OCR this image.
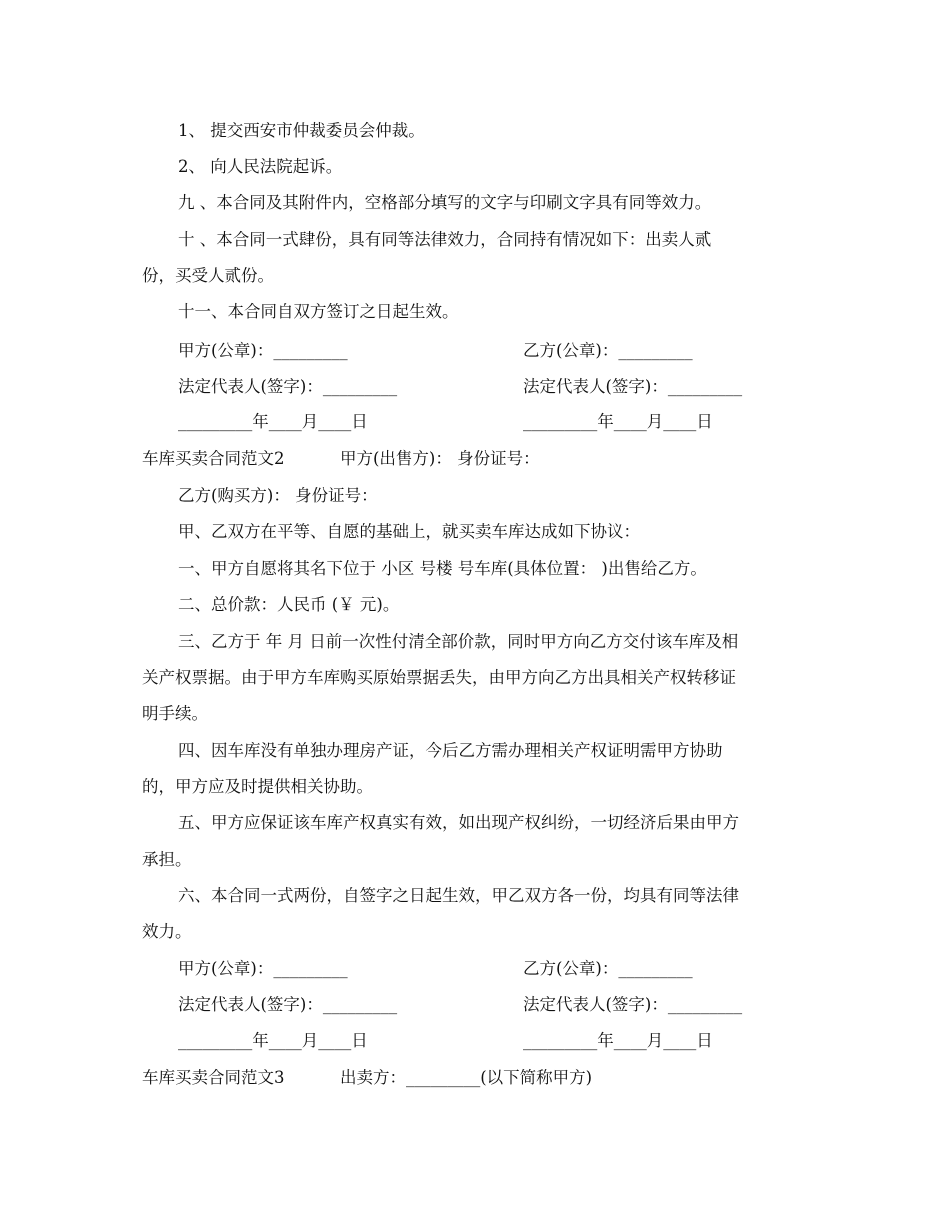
1、 提交西安市仲裁委员会仲裁。
2、 向人民法院起诉。
九 、本合同及其附件内，空格部分填写的文字与印刷文字具有同等效力。
十 、本合同一式肆份，具有同等法律效力，合同持有情况如下：出卖人贰
份，买受人贰份。
十一、本合同自双方签订之日起生效。
甲方(公章)：_________	乙方(公章)：_________
法定代表人(签字)：_________	法定代表人(签字)：_________
_________年____月____日	_________年____月____日
车库买卖合同范文2	甲方(出售方)： 身份证号：
乙方(购买方)： 身份证号：
甲、乙双方在平等、自愿的基础上，就买卖车库达成如下协议：
一、甲方自愿将其名下位于 小区 号楼 号车库(具体位置： )出售给乙方。
二、总价款：人民币 (￥ 元)。
三、乙方于 年 月 日前一次性付清全部价款，同时甲方向乙方交付该车库及相
关产权票据。由于甲方车库购买原始票据丢失，由甲方向乙方出具相关产权转移证
明手续。
四、因车库没有单独办理房产证，今后乙方需办理相关产权证明需甲方协助
的，甲方应及时提供相关协助。
五、甲方应保证该车库产权真实有效，如出现产权纠纷，一切经济后果由甲方
承担。
六、本合同一式两份，自签字之日起生效，甲乙双方各一份，均具有同等法律
效力。
甲方(公章)：_________	乙方(公章)：_________
法定代表人(签字)：_________	法定代表人(签字)：_________
_________年____月____日	_________年____月____日
车库买卖合同范文3	出卖方：_________(以下简称甲方)
